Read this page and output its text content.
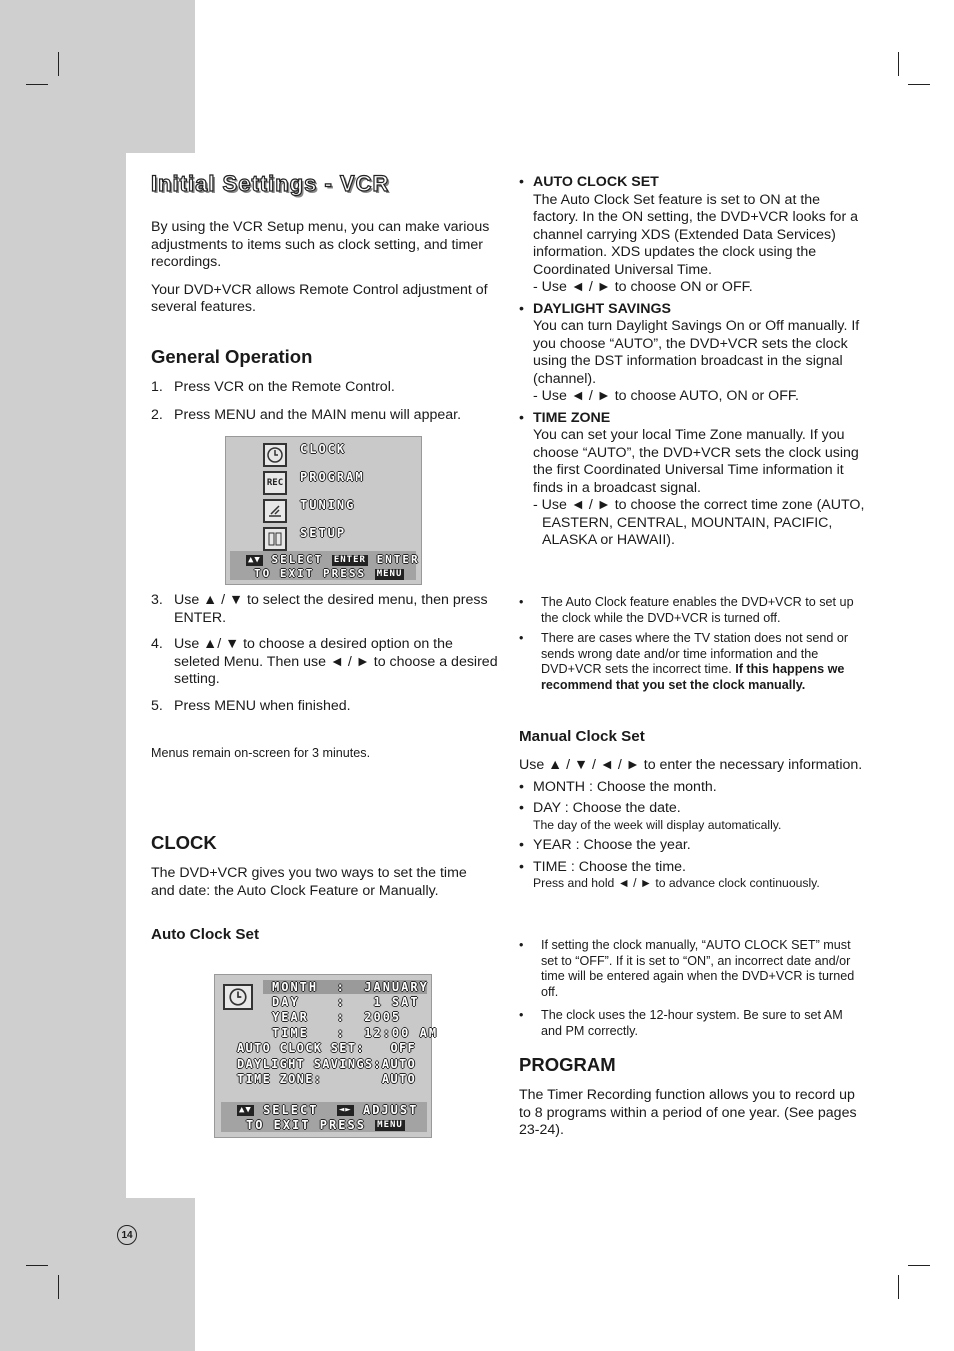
Initial Settings - VCR

By using the VCR Setup menu, you can make various adjustments to items such as clock setting, and timer recordings.

Your DVD+VCR allows Remote Control adjustment of several features.

General Operation
1. Press VCR on the Remote Control.
2. Press MENU and the MAIN menu will appear.
REC
CLOCK
PROGRAM
TUNING
SETUP
▲▼ SELECT ENTER ENTER
TO EXIT PRESS MENU
3. Use ▲ / ▼ to select the desired menu, then press ENTER.
4. Use ▲/ ▼ to choose a desired option on the seleted Menu. Then use ◄ / ► to choose a desired setting.
5. Press MENU when finished.
Menus remain on-screen for 3 minutes.
CLOCK

The DVD+VCR gives you two ways to set the time and date: the Auto Clock Feature or Manually.

Auto Clock Set
MONTH  :  JANUARY
DAY    :   1 SAT
YEAR   :  2005
TIME   :  12:00 AM
AUTO CLOCK SET:   OFF
DAYLIGHT SAVINGS:AUTO
TIME ZONE:       AUTO
▲▼ SELECT ◄► ADJUST
TO EXIT PRESS MENU
• AUTO CLOCK SET
The Auto Clock Set feature is set to ON at the factory. In the ON setting, the DVD+VCR looks for a channel carrying XDS (Extended Data Services) information. XDS updates the clock using the Coordinated Universal Time.
- Use ◄ / ► to choose ON or OFF.
• DAYLIGHT SAVINGS
You can turn Daylight Savings On or Off manually. If you choose “AUTO”, the DVD+VCR sets the clock using the DST information broadcast in the signal (channel).
- Use ◄ / ► to choose AUTO, ON or OFF.
• TIME ZONE
You can set your local Time Zone manually. If you choose “AUTO”, the DVD+VCR sets the clock using the first Coordinated Universal Time information it finds in a broadcast signal.
- Use ◄ / ► to choose the correct time zone (AUTO, EASTERN, CENTRAL, MOUNTAIN, PACIFIC, ALASKA or HAWAII).
• The Auto Clock feature enables the DVD+VCR to set up the clock while the DVD+VCR is turned off.
• There are cases where the TV station does not send or sends wrong date and/or time information and the DVD+VCR sets the incorrect time. If this happens we recommend that you set the clock manually.
Manual Clock Set
Use ▲ / ▼ / ◄ / ► to enter the necessary information.
• MONTH : Choose the month.
• DAY : Choose the date.
The day of the week will display automatically.
• YEAR : Choose the year.
• TIME : Choose the time.
Press and hold ◄ / ► to advance clock continuously.
• If setting the clock manually, “AUTO CLOCK SET” must set to “OFF”. If it is set to “ON”, an incorrect date and/or time will be entered again when the DVD+VCR is turned off.
• The clock uses the 12-hour system. Be sure to set AM and PM correctly.
PROGRAM

The Timer Recording function allows you to record up to 8 programs within a period of one year. (See pages 23-24).

14
